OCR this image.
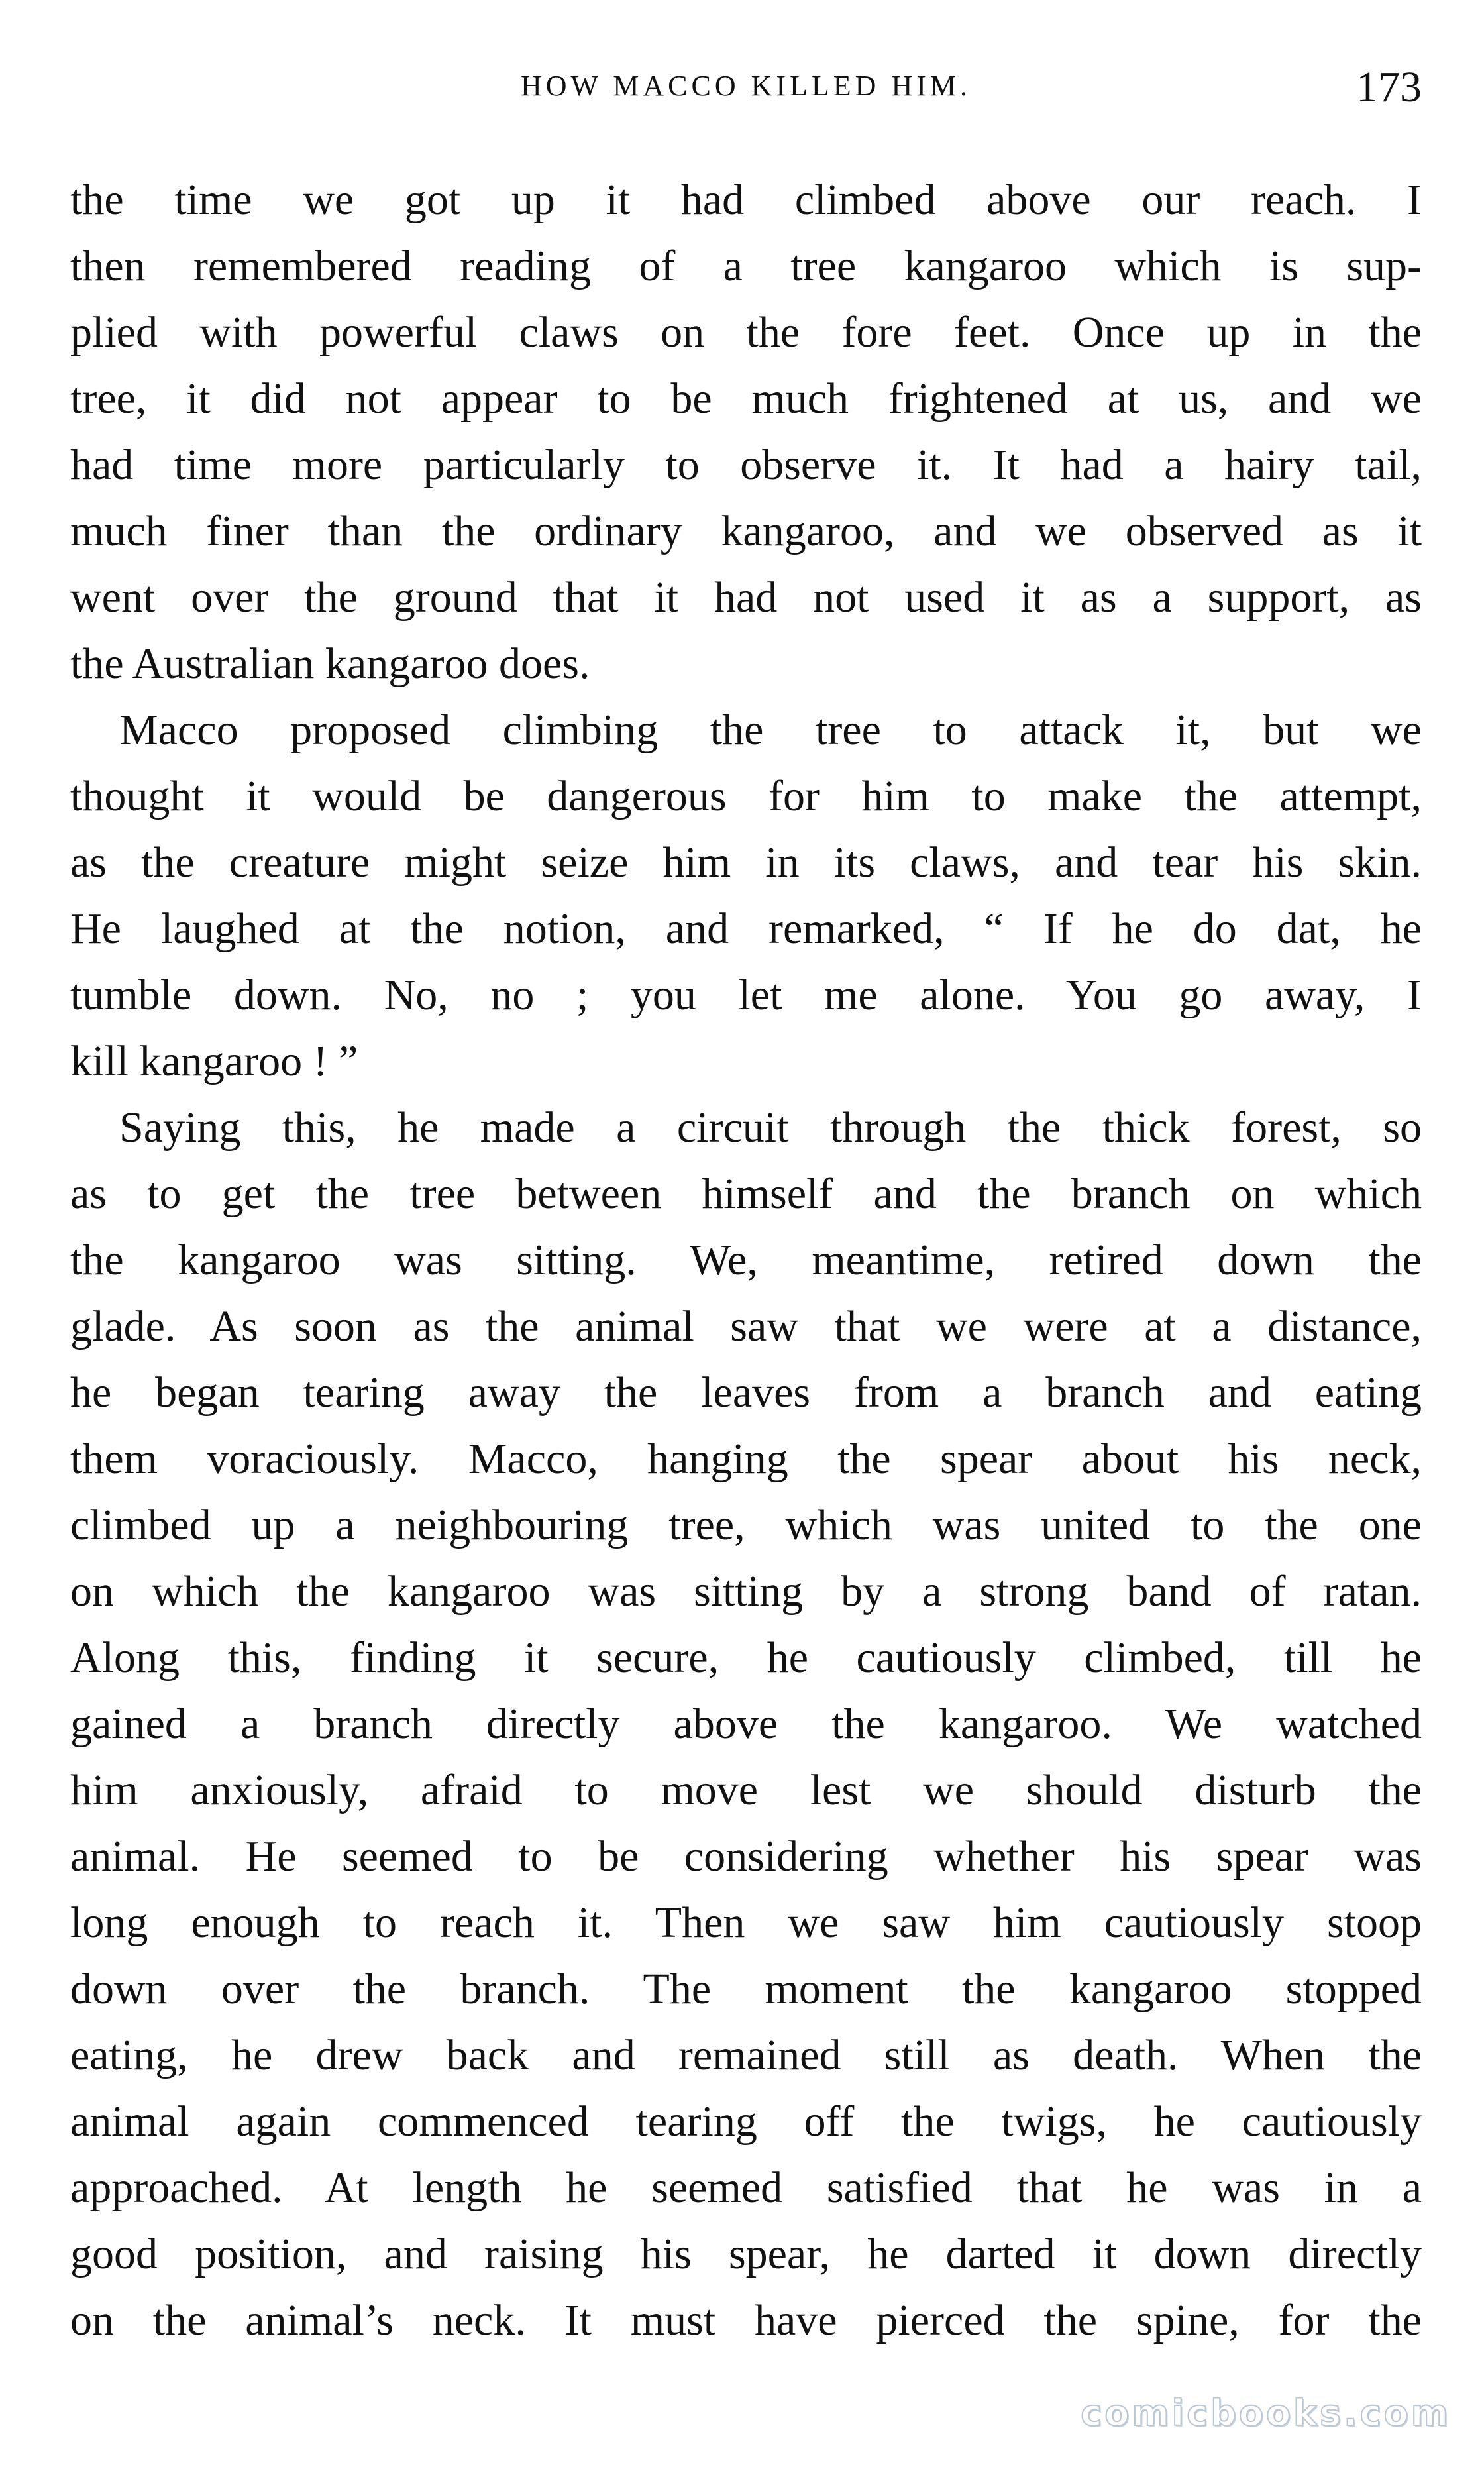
HOW MACCO KILLED HIM.	173
the time we got up it had climbed above our reach. I
then remembered reading of a tree kangaroo which is sup-
plied with powerful claws on the fore feet. Once up in the
tree, it did not appear to be much frightened at us, and we
had time more particularly to observe it. It had a hairy tail,
much finer than the ordinary kangaroo, and we observed as it
went over the ground that it had not used it as a support, as
the Australian kangaroo does.
Macco proposed climbing the tree to attack it, but we
thought it would be dangerous for him to make the attempt,
as the creature might seize him in its claws, and tear his skin.
He laughed at the notion, and remarked, “ If he do dat, he
tumble down. No, no ; you let me alone. You go away, I
kill kangaroo ! ”
Saying this, he made a circuit through the thick forest, so
as to get the tree between himself and the branch on which
the kangaroo was sitting. We, meantime, retired down the
glade. As soon as the animal saw that we were at a distance,
he began tearing away the leaves from a branch and eating
them voraciously. Macco, hanging the spear about his neck,
climbed up a neighbouring tree, which was united to the one
on which the kangaroo was sitting by a strong band of ratan.
Along this, finding it secure, he cautiously climbed, till he
gained a branch directly above the kangaroo. We watched
him anxiously, afraid to move lest we should disturb the
animal. He seemed to be considering whether his spear was
long enough to reach it. Then we saw him cautiously stoop
down over the branch. The moment the kangaroo stopped
eating, he drew back and remained still as death. When the
animal again commenced tearing off the twigs, he cautiously
approached. At length he seemed satisfied that he was in a
good position, and raising his spear, he darted it down directly
on the animal’s neck. It must have pierced the spine, for the
comicbooks.com
